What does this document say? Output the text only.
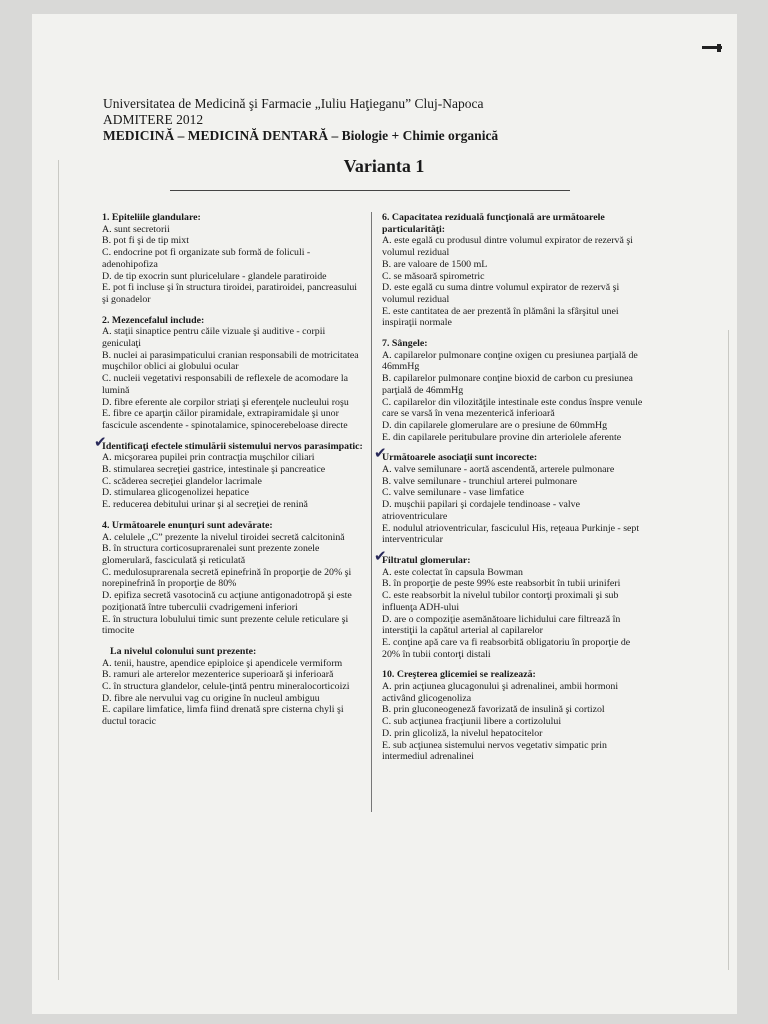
Universitatea de Medicină şi Farmacie „Iuliu Haţieganu” Cluj-Napoca
ADMITERE 2012
MEDICINĂ – MEDICINĂ DENTARĂ – Biologie + Chimie organică
Varianta 1
1. Epiteliile glandulare:
A. sunt secretorii
B. pot fi şi de tip mixt
C. endocrine pot fi organizate sub formă de foliculi - adenohipofiza
D. de tip exocrin sunt pluricelulare - glandele paratiroide
E. pot fi incluse şi în structura tiroidei, paratiroidei, pancreasului şi gonadelor
2. Mezencefalul include:
A. staţii sinaptice pentru căile vizuale şi auditive - corpii geniculaţi
B. nuclei ai parasimpaticului cranian responsabili de motricitatea muşchilor oblici ai globului ocular
C. nucleii vegetativi responsabili de reflexele de acomodare la lumină
D. fibre eferente ale corpilor striaţi şi eferenţele nucleului roşu
E. fibre ce aparţin căilor piramidale, extrapiramidale şi unor fascicule ascendente - spinotalamice, spinocerebeloase directe
✔
Identificaţi efectele stimulării sistemului nervos parasimpatic:
A. micşorarea pupilei prin contracţia muşchilor ciliari
B. stimularea secreţiei gastrice, intestinale şi pancreatice
C. scăderea secreţiei glandelor lacrimale
D. stimularea glicogenolizei hepatice
E. reducerea debitului urinar şi al secreţiei de renină
4. Următoarele enunţuri sunt adevărate:
A. celulele „C” prezente la nivelul tiroidei secretă calcitonină
B. în structura corticosuprarenalei sunt prezente zonele glomerulară, fasciculată şi reticulată
C. medulosuprarenala secretă epinefrină în proporţie de 20% şi norepinefrină în proporţie de 80%
D. epifiza secretă vasotocină cu acţiune antigonadotropă şi este poziţionată între tuberculii cvadrigemeni inferiori
E. în structura lobulului timic sunt prezente celule reticulare şi timocite
La nivelul colonului sunt prezente:
A. tenii, haustre, apendice epiploice şi apendicele vermiform
B. ramuri ale arterelor mezenterice superioară şi inferioară
C. în structura glandelor, celule-ţintă pentru mineralocorticoizi
D. fibre ale nervului vag cu origine în nucleul ambiguu
E. capilare limfatice, limfa fiind drenată spre cisterna chyli şi ductul toracic
6. Capacitatea reziduală funcţională are următoarele particularităţi:
A. este egală cu produsul dintre volumul expirator de rezervă şi volumul rezidual
B. are valoare de 1500 mL
C. se măsoară spirometric
D. este egală cu suma dintre volumul expirator de rezervă şi volumul rezidual
E. este cantitatea de aer prezentă în plămâni la sfârşitul unei inspiraţii normale
7. Sângele:
A. capilarelor pulmonare conţine oxigen cu presiunea parţială de 46mmHg
B. capilarelor pulmonare conţine bioxid de carbon cu presiunea parţială de 46mmHg
C. capilarelor din vilozităţile intestinale este condus înspre venule care se varsă în vena mezenterică inferioară
D. din capilarele glomerulare are o presiune de 60mmHg
E. din capilarele peritubulare provine din arteriolele aferente
✔
Următoarele asociaţii sunt incorecte:
A. valve semilunare - aortă ascendentă, arterele pulmonare
B. valve semilunare - trunchiul arterei pulmonare
C. valve semilunare - vase limfatice
D. muşchii papilari şi cordajele tendinoase - valve atrioventriculare
E. nodulul atrioventricular, fasciculul His, reţeaua Purkinje - sept interventricular
✔
Filtratul glomerular:
A. este colectat în capsula Bowman
B. în proporţie de peste 99% este reabsorbit în tubii uriniferi
C. este reabsorbit la nivelul tubilor contorţi proximali şi sub influenţa ADH-ului
D. are o compoziţie asemănătoare lichidului care filtrează în interstiţii la capătul arterial al capilarelor
E. conţine apă care va fi reabsorbită obligatoriu în proporţie de 20% în tubii contorţi distali
10. Creşterea glicemiei se realizează:
A. prin acţiunea glucagonului şi adrenalinei, ambii hormoni activând glicogenoliza
B. prin gluconeogeneză favorizată de insulină şi cortizol
C. sub acţiunea fracţiunii libere a cortizolului
D. prin glicoliză, la nivelul hepatocitelor
E. sub acţiunea sistemului nervos vegetativ simpatic prin intermediul adrenalinei
